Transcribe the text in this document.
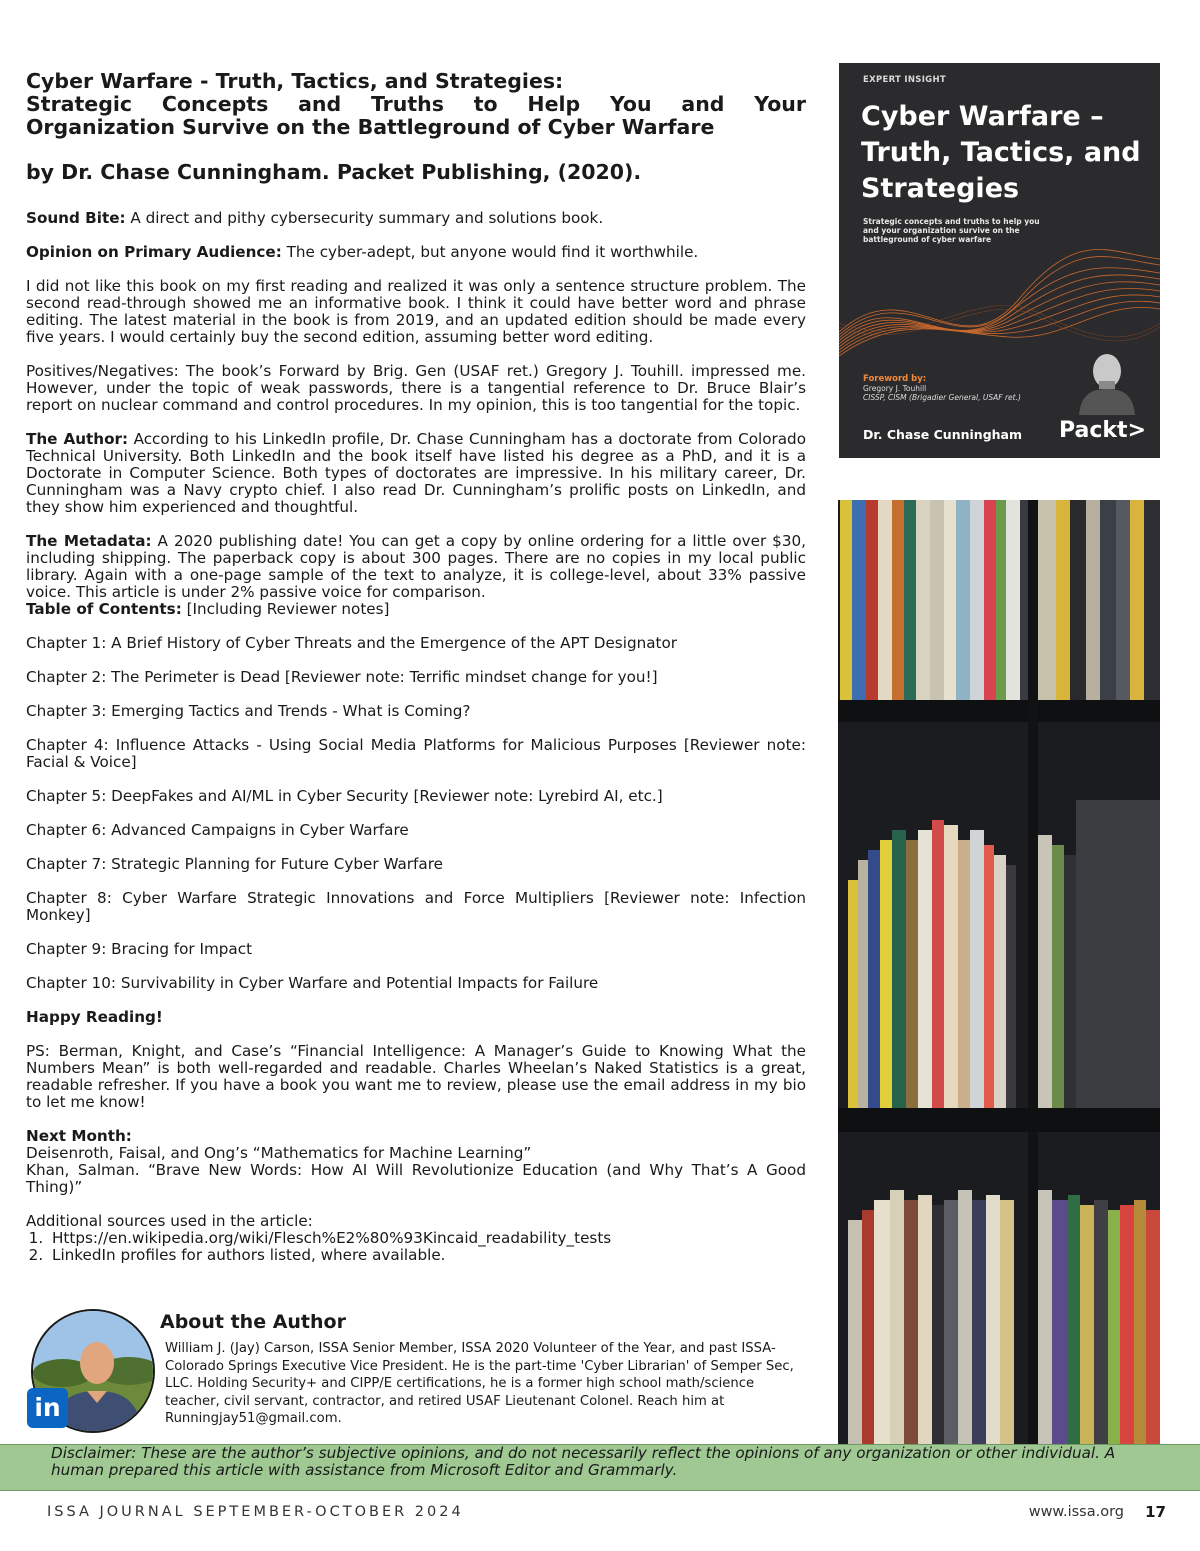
Cyber Warfare - Truth, Tactics, and Strategies:
Strategic Concepts and Truths to Help You and Your
Organization Survive on the Battleground of Cyber Warfare
by Dr. Chase Cunningham. Packet Publishing, (2020).

Sound Bite: A direct and pithy cybersecurity summary and solutions book.

Opinion on Primary Audience: The cyber-adept, but anyone would find it worthwhile.

I did not like this book on my first reading and realized it was only a sentence structure problem. The second read-through showed me an informative book. I think it could have better word and phrase editing. The latest material in the book is from 2019, and an updated edition should be made every five years. I would certainly buy the second edition, assuming better word editing.

Positives/Negatives: The book’s Forward by Brig. Gen (USAF ret.) Gregory J. Touhill. impressed me. However, under the topic of weak passwords, there is a tangential reference to Dr. Bruce Blair’s report on nuclear command and control procedures. In my opinion, this is too tangential for the topic.

The Author: According to his LinkedIn profile, Dr. Chase Cunningham has a doctorate from Colorado Technical University. Both LinkedIn and the book itself have listed his degree as a PhD, and it is a Doctorate in Computer Science. Both types of doctorates are impressive. In his military career, Dr. Cunningham was a Navy crypto chief. I also read Dr. Cunningham’s prolific posts on LinkedIn, and they show him experienced and thoughtful.

The Metadata: A 2020 publishing date! You can get a copy by online ordering for a little over $30, including shipping. The paperback copy is about 300 pages. There are no copies in my local public library. Again with a one-page sample of the text to analyze, it is college-level, about 33% passive voice. This article is under 2% passive voice for comparison.

Table of Contents: [Including Reviewer notes]

Chapter 1: A Brief History of Cyber Threats and the Emergence of the APT Designator

Chapter 2: The Perimeter is Dead [Reviewer note: Terrific mindset change for you!]

Chapter 3: Emerging Tactics and Trends - What is Coming?

Chapter 4: Influence Attacks - Using Social Media Platforms for Malicious Purposes [Reviewer note: Facial & Voice]

Chapter 5: DeepFakes and AI/ML in Cyber Security [Reviewer note: Lyrebird AI, etc.]

Chapter 6: Advanced Campaigns in Cyber Warfare

Chapter 7: Strategic Planning for Future Cyber Warfare

Chapter 8: Cyber Warfare Strategic Innovations and Force Multipliers [Reviewer note: Infection Monkey]

Chapter 9: Bracing for Impact

Chapter 10: Survivability in Cyber Warfare and Potential Impacts for Failure

Happy Reading!

PS: Berman, Knight, and Case’s “Financial Intelligence: A Manager’s Guide to Knowing What the Numbers Mean” is both well-regarded and readable. Charles Wheelan’s Naked Statistics is a great, readable refresher. If you have a book you want me to review, please use the email address in my bio to let me know!

Next Month:

Deisenroth, Faisal, and Ong’s “Mathematics for Machine Learning”

Khan, Salman. “Brave New Words: How AI Will Revolutionize Education (and Why That’s A Good Thing)”

Additional sources used in the article:

1. Https://en.wikipedia.org/wiki/Flesch%E2%80%93Kincaid_readability_tests
2. LinkedIn profiles for authors listed, where available.
EXPERT INSIGHT
Cyber Warfare – Truth, Tactics, and Strategies
Strategic concepts and truths to help you and your organization survive on the battleground of cyber warfare
Foreword by:
Gregory J. Touhill
CISSP, CISM (Brigadier General, USAF ret.)
Dr. Chase Cunningham Packt>
in
About the Author
William J. (Jay) Carson, ISSA Senior Member, ISSA 2020 Volunteer of the Year, and past ISSA-Colorado Springs Executive Vice President. He is the part-time 'Cyber Librarian' of Semper Sec, LLC. Holding Security+ and CIPP/E certifications, he is a former high school math/science teacher, civil servant, contractor, and retired USAF Lieutenant Colonel. Reach him at Runningjay51@gmail.com.

Disclaimer: These are the author’s subjective opinions, and do not necessarily reflect the opinions of any organization or other individual. A human prepared this article with assistance from Microsoft Editor and Grammarly.

ISSA JOURNAL SEPTEMBER-OCTOBER 2024	www.issa.org 17
